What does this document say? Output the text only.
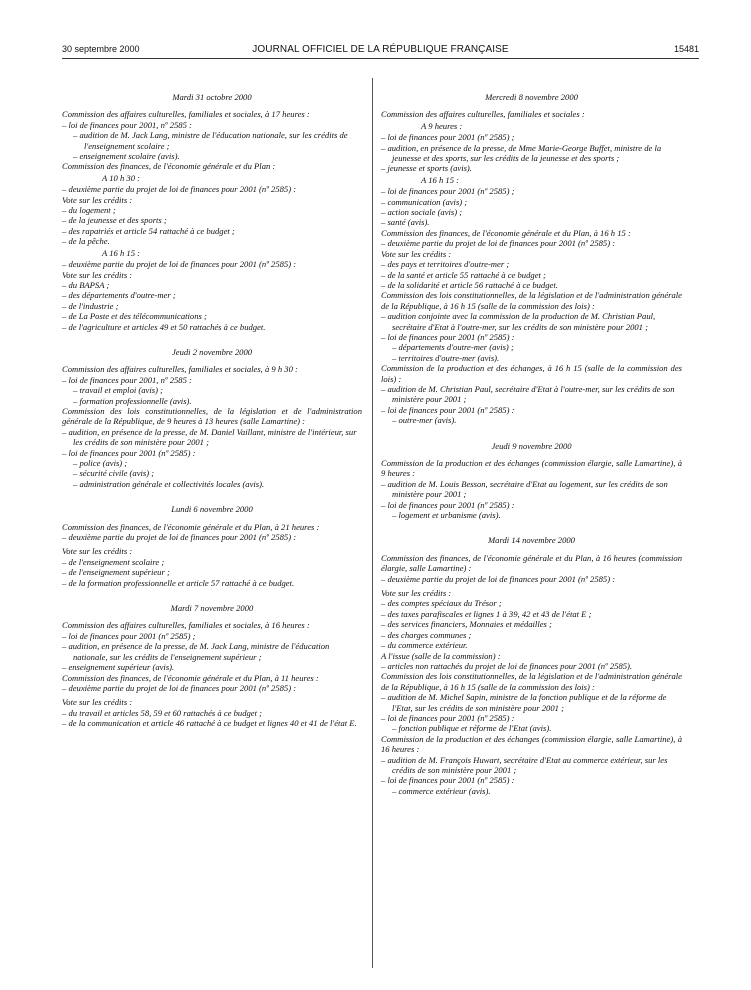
30 septembre 2000	JOURNAL OFFICIEL DE LA RÉPUBLIQUE FRANÇAISE	15481
Mardi 31 octobre 2000
Commission des affaires culturelles, familiales et sociales, à 17 heures :
– loi de finances pour 2001, nº 2585 :
– audition de M. Jack Lang, ministre de l'éducation nationale, sur les crédits de l'enseignement scolaire ;
– enseignement scolaire (avis).
Commission des finances, de l'économie générale et du Plan :
A 10 h 30 :
– deuxième partie du projet de loi de finances pour 2001 (nº 2585) :
Vote sur les crédits :
– du logement ;
– de la jeunesse et des sports ;
– des rapatriés et article 54 rattaché à ce budget ;
– de la pêche.
A 16 h 15 :
– deuxième partie du projet de loi de finances pour 2001 (nº 2585) :
Vote sur les crédits :
– du BAPSA ;
– des départements d'outre-mer ;
– de l'industrie ;
– de La Poste et des télécommunications ;
– de l'agriculture et articles 49 et 50 rattachés à ce budget.
Jeudi 2 novembre 2000
Commission des affaires culturelles, familiales et sociales, à 9 h 30 :
– loi de finances pour 2001, nº 2585 :
– travail et emploi (avis) ;
– formation professionnelle (avis).
Commission des lois constitutionnelles, de la législation et de l'administration générale de la République, de 9 heures à 13 heures (salle Lamartine) :
– audition, en présence de la presse, de M. Daniel Vaillant, ministre de l'intérieur, sur les crédits de son ministère pour 2001 ;
– loi de finances pour 2001 (nº 2585) :
– police (avis) ;
– sécurité civile (avis) ;
– administration générale et collectivités locales (avis).
Lundi 6 novembre 2000
Commission des finances, de l'économie générale et du Plan, à 21 heures :
– deuxième partie du projet de loi de finances pour 2001 (nº 2585) :
Vote sur les crédits :
– de l'enseignement scolaire ;
– de l'enseignement supérieur ;
– de la formation professionnelle et article 57 rattaché à ce budget.
Mardi 7 novembre 2000
Commission des affaires culturelles, familiales et sociales, à 16 heures :
– loi de finances pour 2001 (nº 2585) ;
– audition, en présence de la presse, de M. Jack Lang, ministre de l'éducation nationale, sur les crédits de l'enseignement supérieur ;
– enseignement supérieur (avis).
Commission des finances, de l'économie générale et du Plan, à 11 heures :
– deuxième partie du projet de loi de finances pour 2001 (nº 2585) :
Vote sur les crédits :
– du travail et articles 58, 59 et 60 rattachés à ce budget ;
– de la communication et article 46 rattaché à ce budget et lignes 40 et 41 de l'état E.
Mercredi 8 novembre 2000
Commission des affaires culturelles, familiales et sociales :
A 9 heures :
– loi de finances pour 2001 (nº 2585) ;
– audition, en présence de la presse, de Mme Marie-George Buffet, ministre de la jeunesse et des sports, sur les crédits de la jeunesse et des sports ;
– jeunesse et sports (avis).
A 16 h 15 :
– loi de finances pour 2001 (nº 2585) ;
– communication (avis) ;
– action sociale (avis) ;
– santé (avis).
Commission des finances, de l'économie générale et du Plan, à 16 h 15 :
– deuxième partie du projet de loi de finances pour 2001 (nº 2585) :
Vote sur les crédits :
– des pays et territoires d'outre-mer ;
– de la santé et article 55 rattaché à ce budget ;
– de la solidarité et article 56 rattaché à ce budget.
Commission des lois constitutionnelles, de la législation et de l'administration générale de la République, à 16 h 15 (salle de la commission des lois) :
– audition conjointe avec la commission de la production de M. Christian Paul, secrétaire d'Etat à l'outre-mer, sur les crédits de son ministère pour 2001 ;
– loi de finances pour 2001 (nº 2585) :
– départements d'outre-mer (avis) ;
– territoires d'outre-mer (avis).
Commission de la production et des échanges, à 16 h 15 (salle de la commission des lois) :
– audition de M. Christian Paul, secrétaire d'Etat à l'outre-mer, sur les crédits de son ministère pour 2001 ;
– loi de finances pour 2001 (nº 2585) :
– outre-mer (avis).
Jeudi 9 novembre 2000
Commission de la production et des échanges (commission élargie, salle Lamartine), à 9 heures :
– audition de M. Louis Besson, secrétaire d'Etat au logement, sur les crédits de son ministère pour 2001 ;
– loi de finances pour 2001 (nº 2585) :
– logement et urbanisme (avis).
Mardi 14 novembre 2000
Commission des finances, de l'économie générale et du Plan, à 16 heures (commission élargie, salle Lamartine) :
– deuxième partie du projet de loi de finances pour 2001 (nº 2585) :
Vote sur les crédits :
– des comptes spéciaux du Trésor ;
– des taxes parafiscales et lignes 1 à 39, 42 et 43 de l'état E ;
– des services financiers, Monnaies et médailles ;
– des charges communes ;
– du commerce extérieur.
A l'issue (salle de la commission) :
– articles non rattachés du projet de loi de finances pour 2001 (nº 2585).
Commission des lois constitutionnelles, de la législation et de l'administration générale de la République, à 16 h 15 (salle de la commission des lois) :
– audition de M. Michel Sapin, ministre de la fonction publique et de la réforme de l'Etat, sur les crédits de son ministère pour 2001 ;
– loi de finances pour 2001 (nº 2585) :
– fonction publique et réforme de l'Etat (avis).
Commission de la production et des échanges (commission élargie, salle Lamartine), à 16 heures :
– audition de M. François Huwart, secrétaire d'Etat au commerce extérieur, sur les crédits de son ministère pour 2001 ;
– loi de finances pour 2001 (nº 2585) :
– commerce extérieur (avis).
